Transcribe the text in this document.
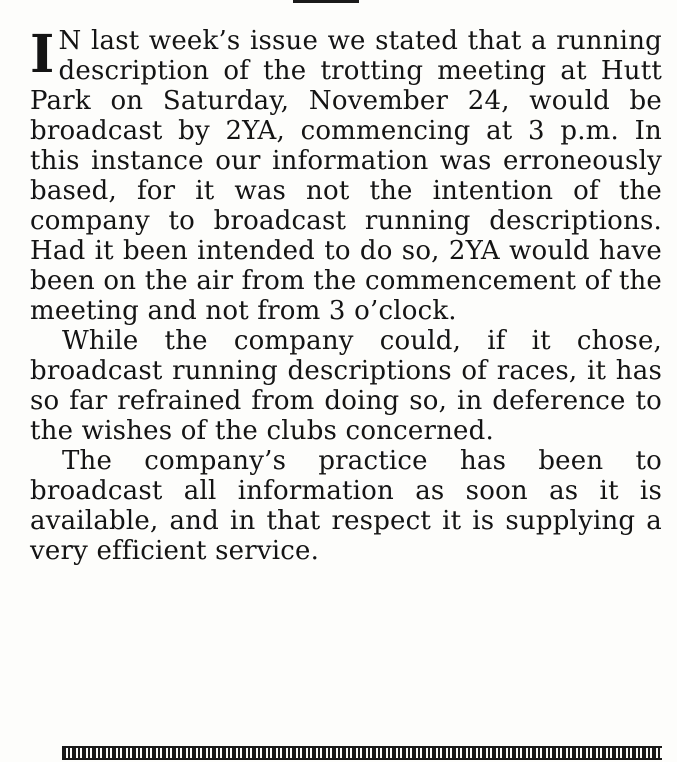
I N last week’s issue we stated that a running description of the trotting meeting at Hutt Park on Saturday, November 24, would be broadcast by 2YA, commencing at 3 p.m. In this instance our information was erroneously based, for it was not the intention of the company to broadcast running descriptions. Had it been intended to do so, 2YA would have been on the air from the commencement of the meeting and not from 3 o’clock.

While the company could, if it chose, broadcast running descriptions of races, it has so far refrained from doing so, in deference to the wishes of the clubs concerned.

The company’s practice has been to broadcast all information as soon as it is available, and in that respect it is supplying a very efficient service.
